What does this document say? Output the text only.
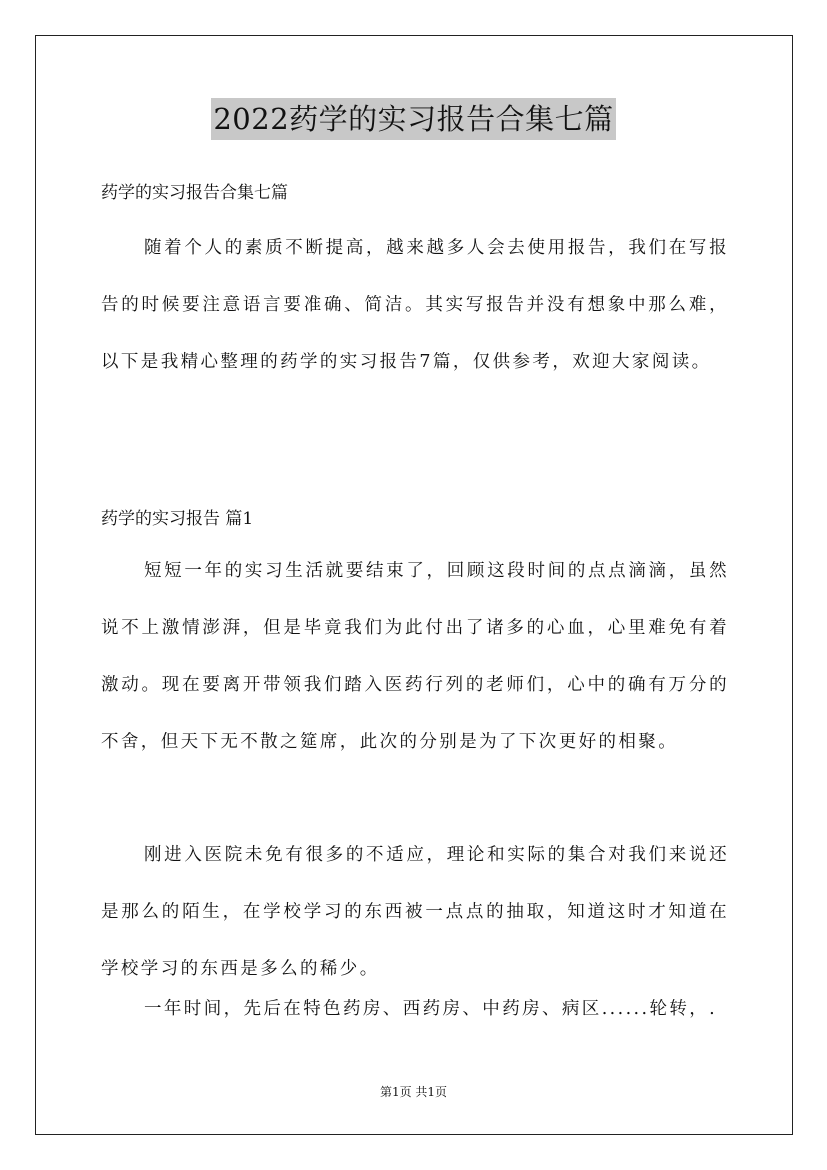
2022药学的实习报告合集七篇
药学的实习报告合集七篇

随着个人的素质不断提高，越来越多人会去使用报告，我们在写报告的时候要注意语言要准确、简洁。其实写报告并没有想象中那么难，以下是我精心整理的药学的实习报告7篇，仅供参考，欢迎大家阅读。

药学的实习报告 篇1

短短一年的实习生活就要结束了，回顾这段时间的点点滴滴，虽然说不上激情澎湃，但是毕竟我们为此付出了诸多的心血，心里难免有着激动。现在要离开带领我们踏入医药行列的老师们，心中的确有万分的不舍，但天下无不散之筵席，此次的分别是为了下次更好的相聚。

刚进入医院未免有很多的不适应，理论和实际的集合对我们来说还是那么的陌生，在学校学习的东西被一点点的抽取，知道这时才知道在学校学习的东西是多么的稀少。

一年时间，先后在特色药房、西药房、中药房、病区......轮转，.

第1页 共1页
